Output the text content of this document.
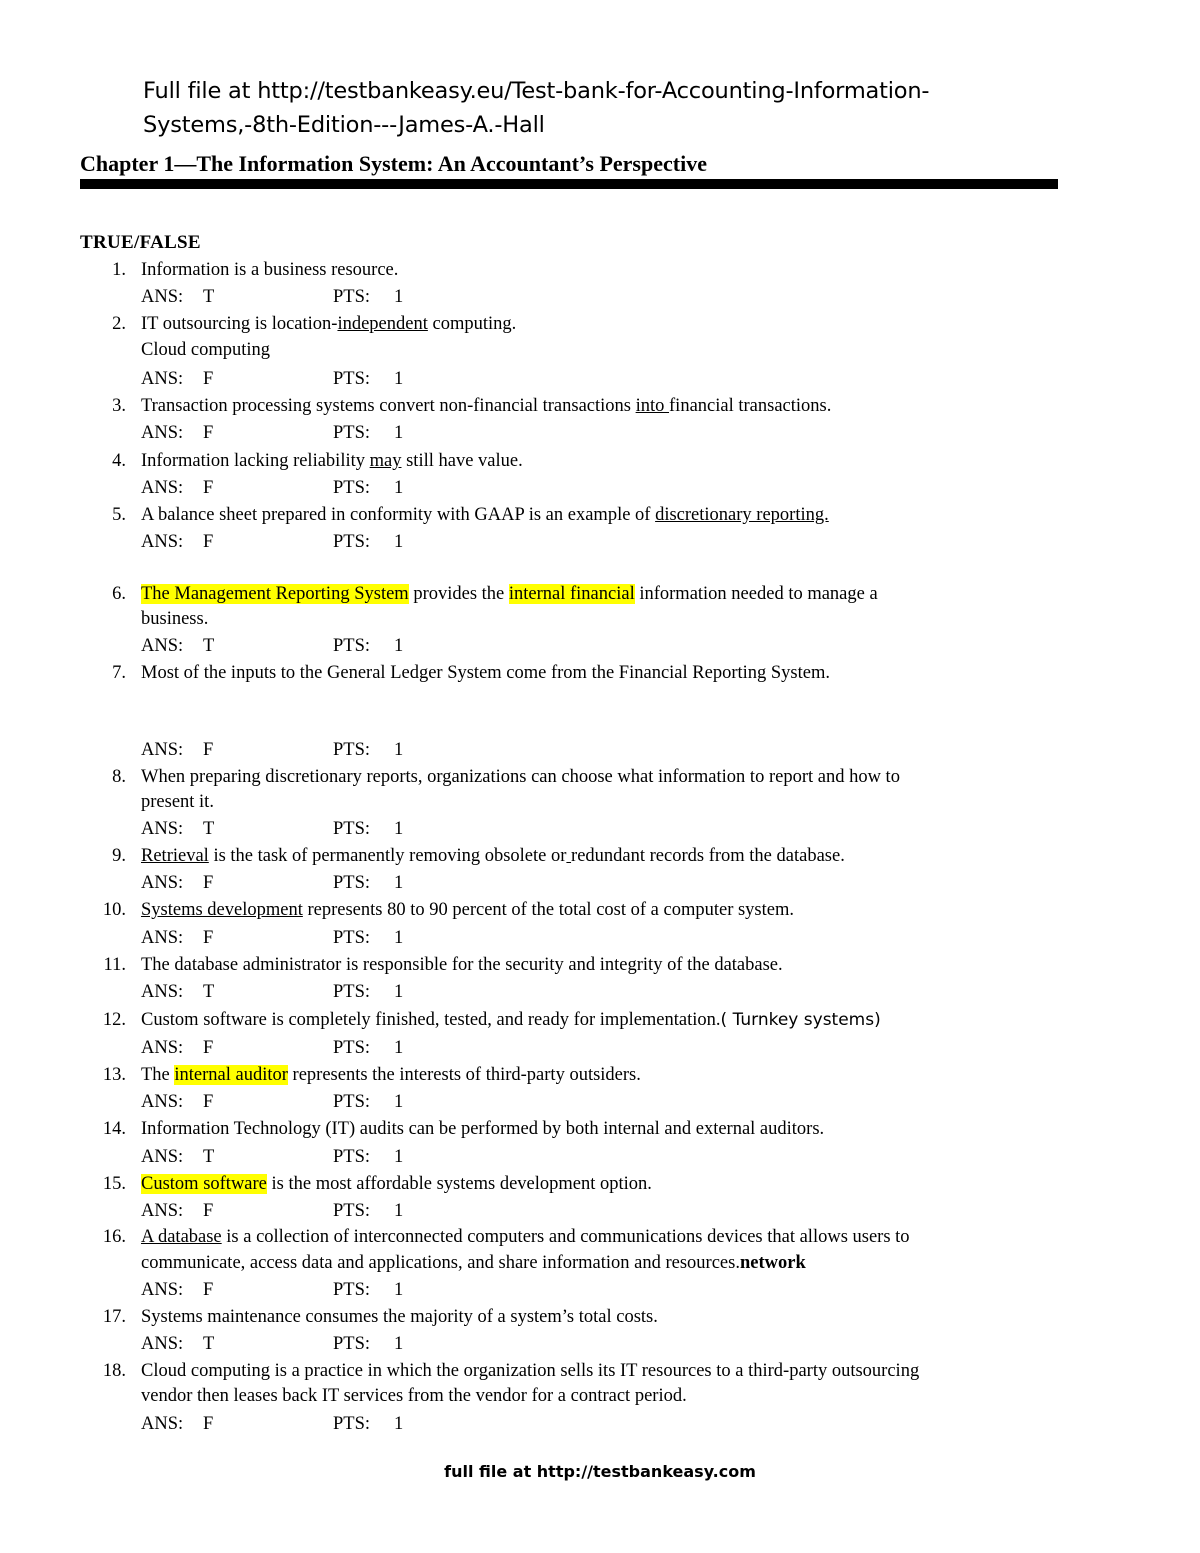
Full file at http://testbankeasy.eu/Test-bank-for-Accounting-Information-
Systems,-8th-Edition---James-A.-Hall
Chapter 1—The Information System: An Accountant’s Perspective
TRUE/FALSE
1. Information is a business resource.
ANS: T	PTS: 1
2. IT outsourcing is location-independent computing.
Cloud computing
ANS: F	PTS: 1
3. Transaction processing systems convert non-financial transactions into financial transactions.
ANS: F	PTS: 1
4. Information lacking reliability may still have value.
ANS: F	PTS: 1
5. A balance sheet prepared in conformity with GAAP is an example of discretionary reporting.
ANS: F	PTS: 1
6. The Management Reporting System provides the internal financial information needed to manage a
business.
ANS: T	PTS: 1
7. Most of the inputs to the General Ledger System come from the Financial Reporting System.
ANS: F	PTS: 1
8. When preparing discretionary reports, organizations can choose what information to report and how to
present it.
ANS: T	PTS: 1
9. Retrieval is the task of permanently removing obsolete or redundant records from the database.
ANS: F	PTS: 1
10. Systems development represents 80 to 90 percent of the total cost of a computer system.
ANS: F	PTS: 1
11. The database administrator is responsible for the security and integrity of the database.
ANS: T	PTS: 1
12. Custom software is completely finished, tested, and ready for implementation.( Turnkey systems)
ANS: F	PTS: 1
13. The internal auditor represents the interests of third-party outsiders.
ANS: F	PTS: 1
14. Information Technology (IT) audits can be performed by both internal and external auditors.
ANS: T	PTS: 1
15. Custom software is the most affordable systems development option.
ANS: F	PTS: 1
16. A database is a collection of interconnected computers and communications devices that allows users to
communicate, access data and applications, and share information and resources.network
ANS: F	PTS: 1
17. Systems maintenance consumes the majority of a system’s total costs.
ANS: T	PTS: 1
18. Cloud computing is a practice in which the organization sells its IT resources to a third-party outsourcing
vendor then leases back IT services from the vendor for a contract period.
ANS: F	PTS: 1
full file at http://testbankeasy.com
